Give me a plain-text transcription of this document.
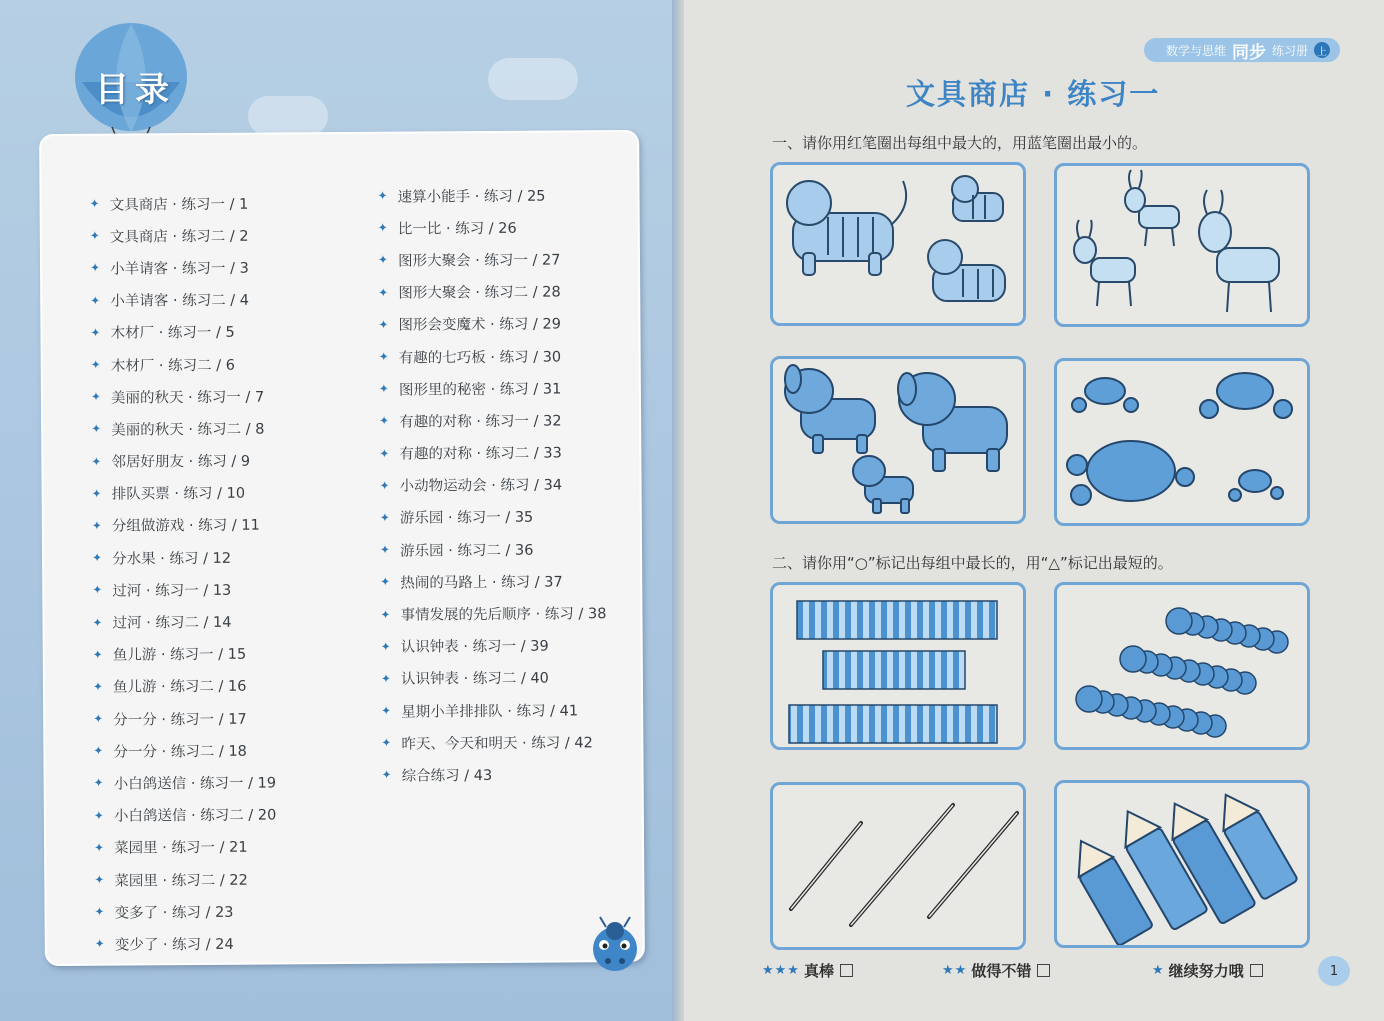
目录
✦ 文具商店 · 练习一 / 1
✦ 文具商店 · 练习二 / 2
✦ 小羊请客 · 练习一 / 3
✦ 小羊请客 · 练习二 / 4
✦ 木材厂 · 练习一 / 5
✦ 木材厂 · 练习二 / 6
✦ 美丽的秋天 · 练习一 / 7
✦ 美丽的秋天 · 练习二 / 8
✦ 邻居好朋友 · 练习 / 9
✦ 排队买票 · 练习 / 10
✦ 分组做游戏 · 练习 / 11
✦ 分水果 · 练习 / 12
✦ 过河 · 练习一 / 13
✦ 过河 · 练习二 / 14
✦ 鱼儿游 · 练习一 / 15
✦ 鱼儿游 · 练习二 / 16
✦ 分一分 · 练习一 / 17
✦ 分一分 · 练习二 / 18
✦ 小白鸽送信 · 练习一 / 19
✦ 小白鸽送信 · 练习二 / 20
✦ 菜园里 · 练习一 / 21
✦ 菜园里 · 练习二 / 22
✦ 变多了 · 练习 / 23
✦ 变少了 · 练习 / 24
✦ 速算小能手 · 练习 / 25
✦ 比一比 · 练习 / 26
✦ 图形大聚会 · 练习一 / 27
✦ 图形大聚会 · 练习二 / 28
✦ 图形会变魔术 · 练习 / 29
✦ 有趣的七巧板 · 练习 / 30
✦ 图形里的秘密 · 练习 / 31
✦ 有趣的对称 · 练习一 / 32
✦ 有趣的对称 · 练习二 / 33
✦ 小动物运动会 · 练习 / 34
✦ 游乐园 · 练习一 / 35
✦ 游乐园 · 练习二 / 36
✦ 热闹的马路上 · 练习 / 37
✦ 事情发展的先后顺序 · 练习 / 38
✦ 认识钟表 · 练习一 / 39
✦ 认识钟表 · 练习二 / 40
✦ 星期小羊排排队 · 练习 / 41
✦ 昨天、今天和明天 · 练习 / 42
✦ 综合练习 / 43
数学与思维 同步 练习册 上
文具商店 · 练习一
一、请你用红笔圈出每组中最大的，用蓝笔圈出最小的。
二、请你用“○”标记出每组中最长的，用“△”标记出最短的。
★★★ 真棒	★★ 做得不错	★ 继续努力哦	1
